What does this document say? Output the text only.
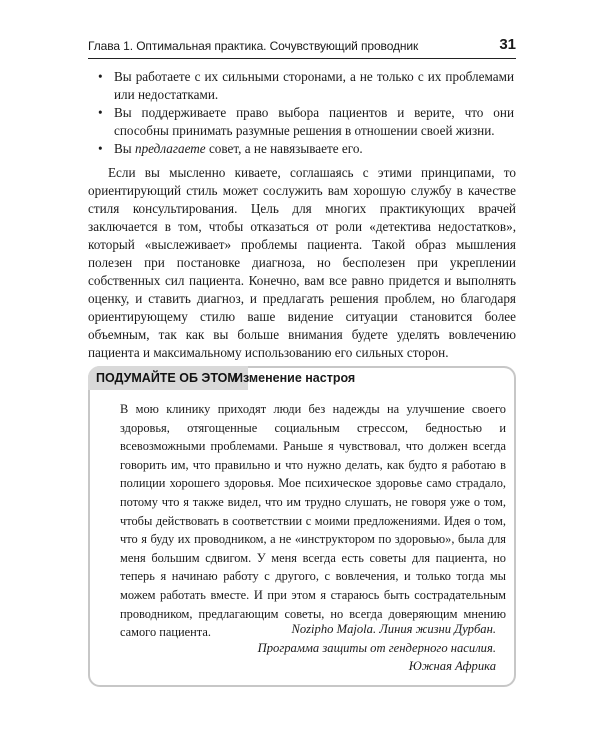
Глава 1. Оптимальная практика. Сочувствующий проводник	31
• Вы работаете с их сильными сторонами, а не только с их проблемами или недостатками.
• Вы поддерживаете право выбора пациентов и верите, что они способны принимать разумные решения в отношении своей жизни.
• Вы предлагаете совет, а не навязываете его.
Если вы мысленно киваете, соглашаясь с этими принципами, то ориентирующий стиль может сослужить вам хорошую службу в качестве стиля консультирования. Цель для многих практикующих врачей заключается в том, чтобы отказаться от роли «детектива недостатков», который «выслеживает» проблемы пациента. Такой образ мышления полезен при постановке диагноза, но бесполезен при укреплении собственных сил пациента. Конечно, вам все равно придется и выполнять оценку, и ставить диагноз, и предлагать решения проблем, но благодаря ориентирующему стилю ваше видение ситуации становится более объемным, так как вы больше внимания будете уделять вовлечению пациента и максимальному использованию его сильных сторон.
ПОДУМАЙТЕ ОБ ЭТОМ
Изменение настроя
В мою клинику приходят люди без надежды на улучшение своего здоровья, отягощенные социальным стрессом, бедностью и всевозможными проблемами. Раньше я чувствовал, что должен всегда говорить им, что правильно и что нужно делать, как будто я работаю в полиции хорошего здоровья. Мое психическое здоровье само страдало, потому что я также видел, что им трудно слушать, не говоря уже о том, чтобы действовать в соответствии с моими предложениями. Идея о том, что я буду их проводником, а не «инструктором по здоровью», была для меня большим сдвигом. У меня всегда есть советы для пациента, но теперь я начинаю работу с другого, с вовлечения, и только тогда мы можем работать вместе. И при этом я стараюсь быть сострадательным проводником, предлагающим советы, но всегда доверяющим мнению самого пациента.	Nozipho Majola. Линия жизни Дурбан.
Программа защиты от гендерного насилия.
Южная Африка
